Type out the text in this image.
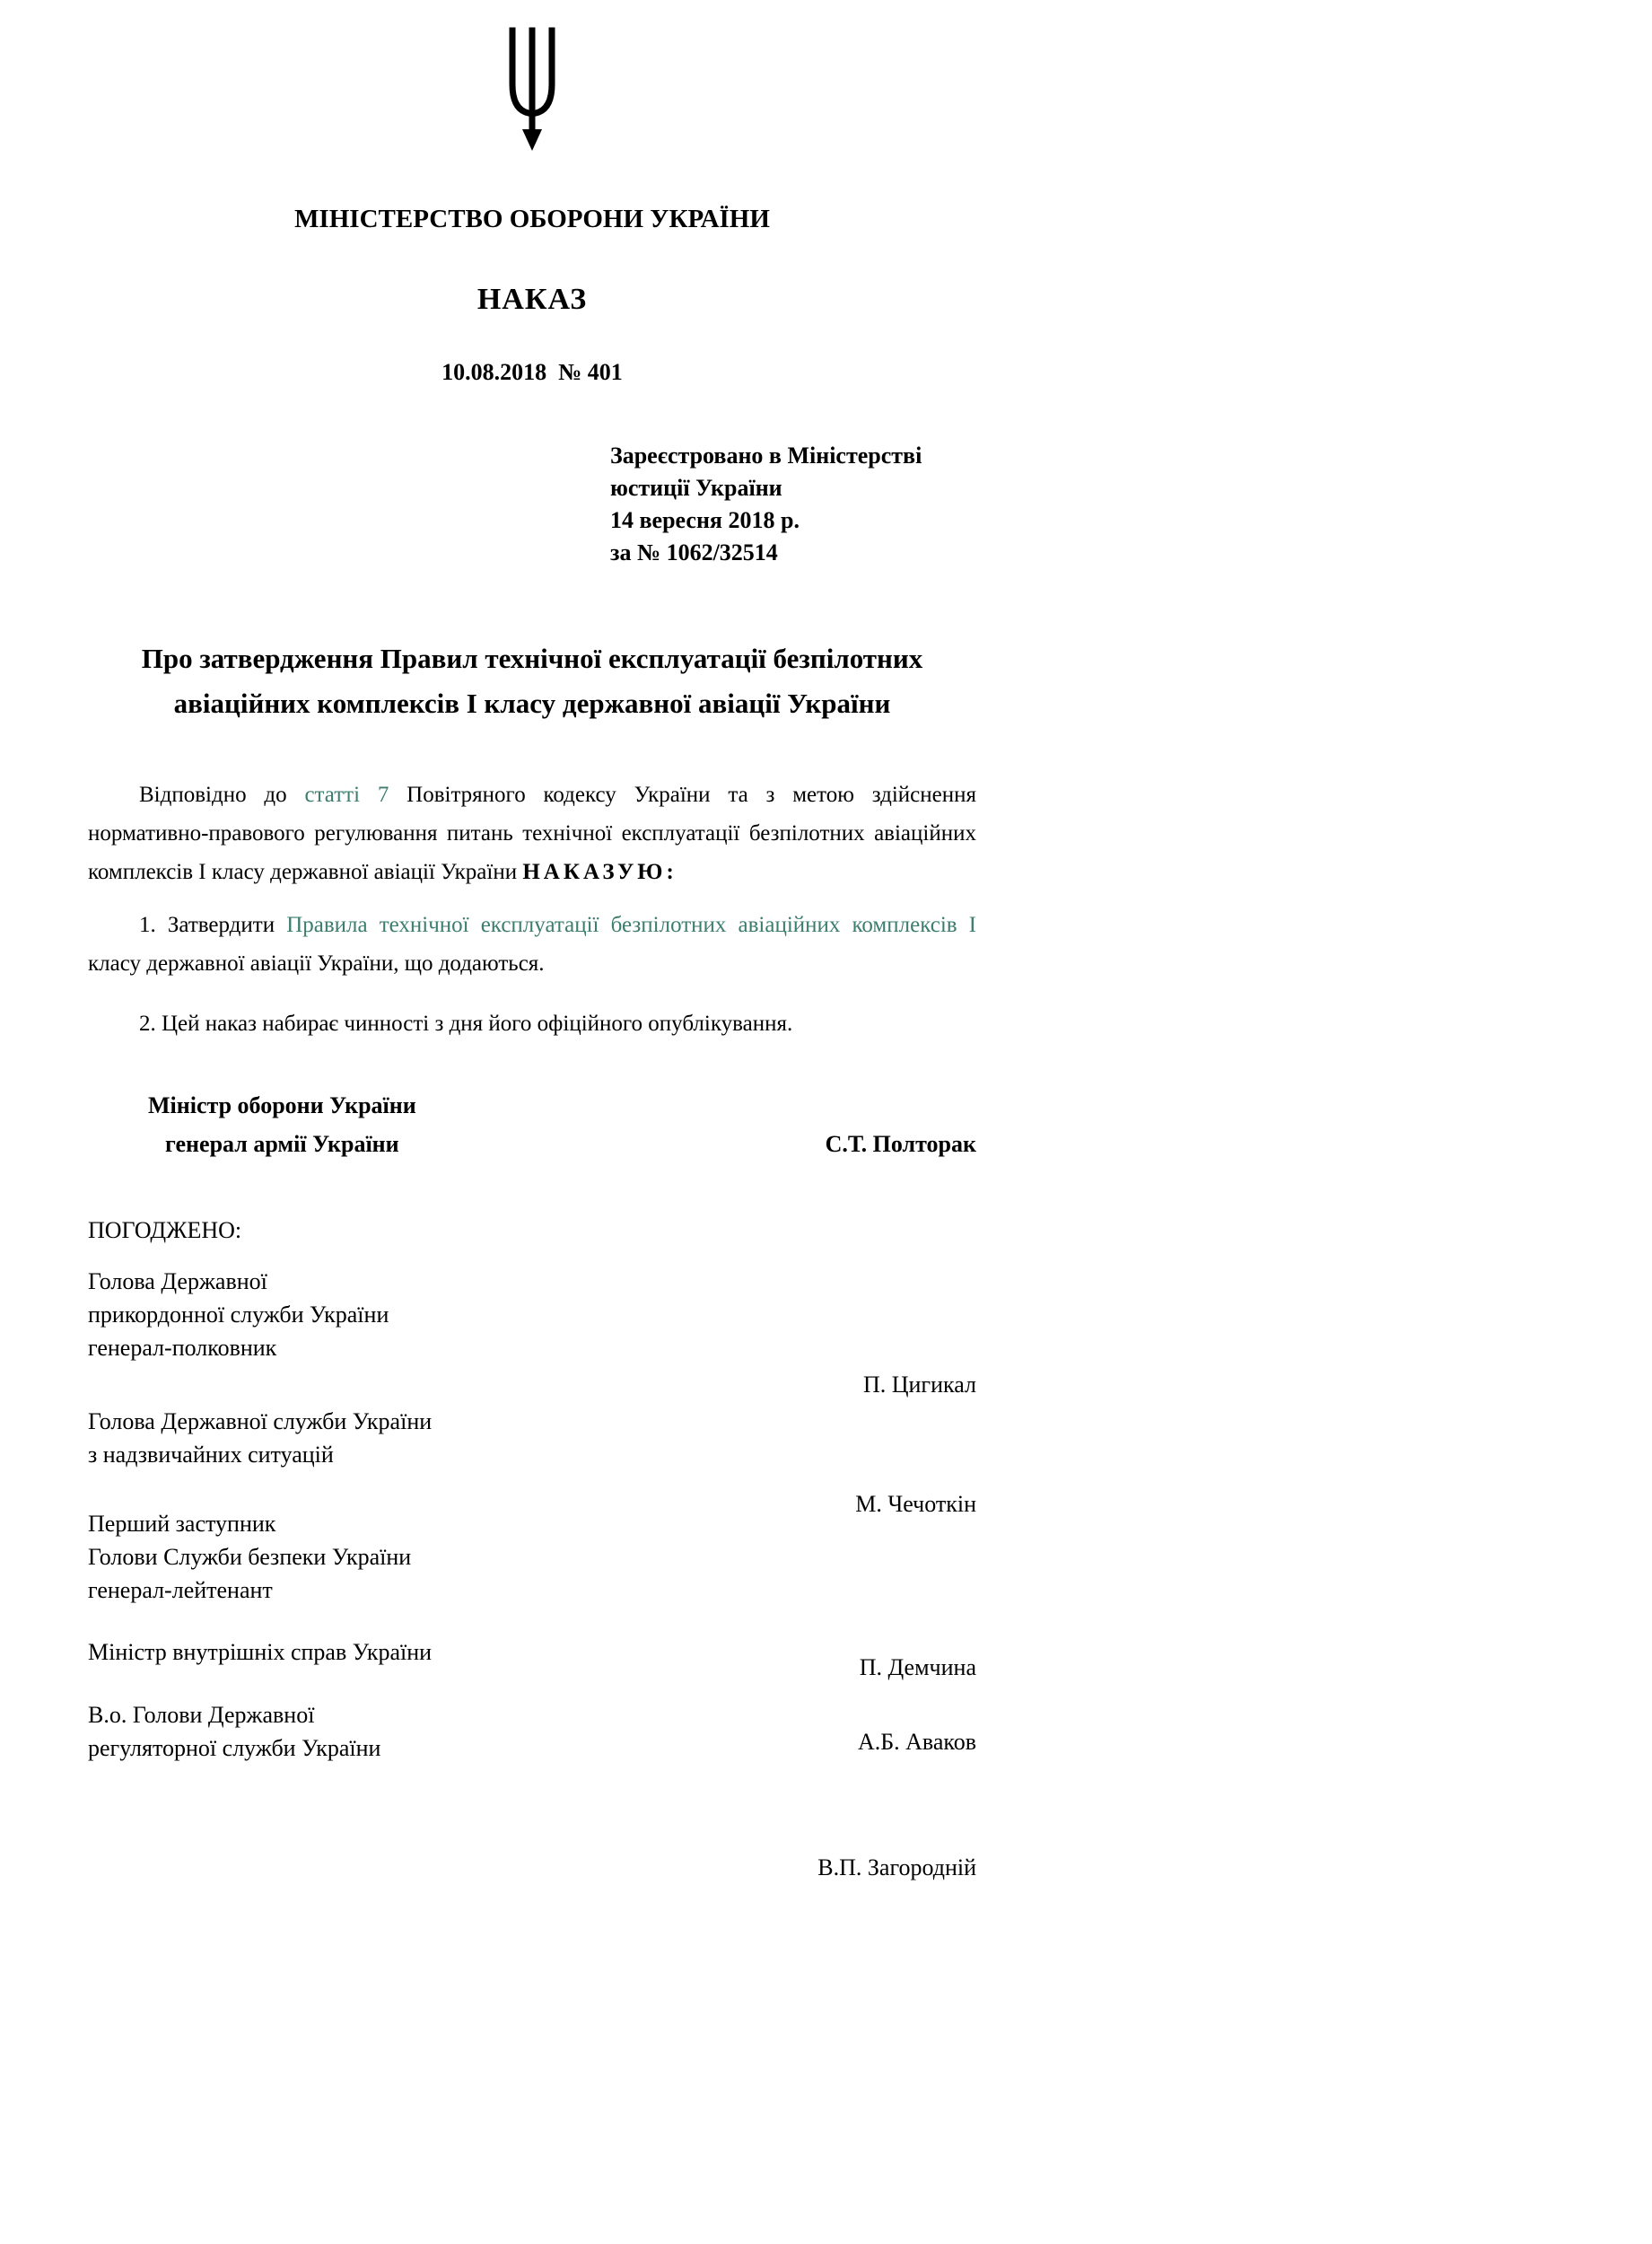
МІНІСТЕРСТВО ОБОРОНИ УКРАЇНИ
НАКАЗ
10.08.2018  № 401
Зареєстровано в Міністерстві
юстиції України
14 вересня 2018 р.
за № 1062/32514
Про затвердження Правил технічної експлуатації безпілотних
авіаційних комплексів І класу державної авіації України

Відповідно до статті 7 Повітряного кодексу України та з метою здійснення нормативно-правового регулювання питань технічної експлуатації безпілотних авіаційних комплексів І класу державної авіації України НАКАЗУЮ:

1. Затвердити Правила технічної експлуатації безпілотних авіаційних комплексів І класу державної авіації України, що додаються.

2. Цей наказ набирає чинності з дня його офіційного опублікування.

Міністр оборони України
генерал армії України	С.Т. Полторак
ПОГОДЖЕНО:
Голова Державної
прикордонної служби України
генерал-полковник
Голова Державної служби України
з надзвичайних ситуацій
Перший заступник
Голови Служби безпеки України
генерал-лейтенант
Міністр внутрішніх справ України
В.о. Голови Державної
регуляторної служби України
П. Цигикал
М. Чечоткін
П. Демчина
А.Б. Аваков
В.П. Загородній
